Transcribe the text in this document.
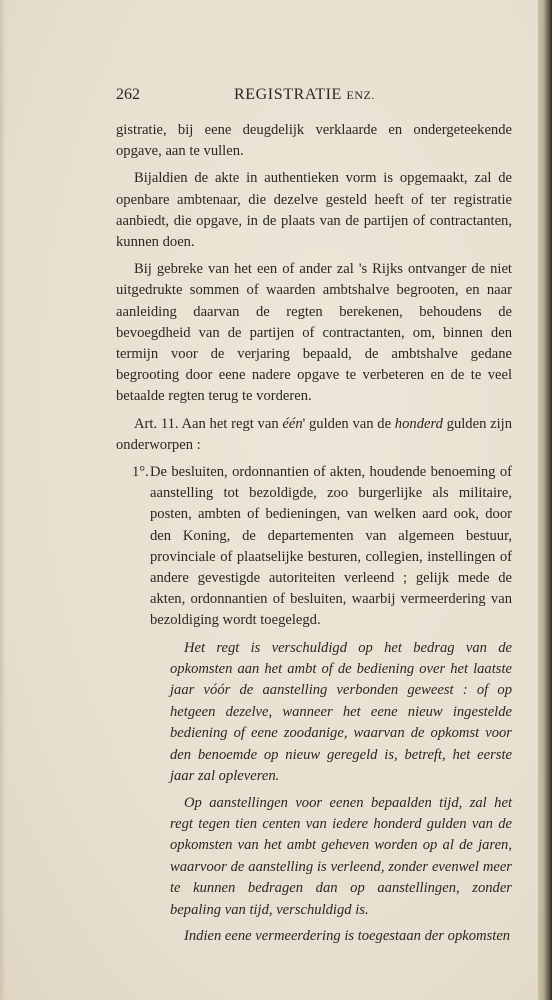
262	REGISTRATIE ENZ.

gistratie, bij eene deugdelijk verklaarde en ondergeteekende opgave, aan te vullen.

Bijaldien de akte in authentieken vorm is opgemaakt, zal de openbare ambtenaar, die dezelve gesteld heeft of ter registratie aanbiedt, die opgave, in de plaats van de partijen of contractanten, kunnen doen.

Bij gebreke van het een of ander zal 's Rijks ontvanger de niet uitgedrukte sommen of waarden ambtshalve begrooten, en naar aanleiding daarvan de regten berekenen, behoudens de bevoegdheid van de partijen of contractanten, om, binnen den termijn voor de verjaring bepaald, de ambtshalve gedane begrooting door eene nadere opgave te verbeteren en de te veel betaalde regten terug te vorderen.

Art. 11. Aan het regt van één' gulden van de honderd gulden zijn onderworpen :

1°. De besluiten, ordonnantien of akten, houdende benoeming of aanstelling tot bezoldigde, zoo burgerlijke als militaire, posten, ambten of bedieningen, van welken aard ook, door den Koning, de departementen van algemeen bestuur, provinciale of plaatselijke besturen, collegien, instellingen of andere gevestigde autoriteiten verleend ; gelijk mede de akten, ordonnantien of besluiten, waarbij vermeerdering van bezoldiging wordt toegelegd.

Het regt is verschuldigd op het bedrag van de opkomsten aan het ambt of de bediening over het laatste jaar vóór de aanstelling verbonden geweest : of op hetgeen dezelve, wanneer het eene nieuw ingestelde bediening of eene zoodanige, waarvan de opkomst voor den benoemde op nieuw geregeld is, betreft, het eerste jaar zal opleveren.

Op aanstellingen voor eenen bepaalden tijd, zal het regt tegen tien centen van iedere honderd gulden van de opkomsten van het ambt geheven worden op al de jaren, waarvoor de aanstelling is verleend, zonder evenwel meer te kunnen bedragen dan op aanstellingen, zonder bepaling van tijd, verschuldigd is.

Indien eene vermeerdering is toegestaan der opkomsten
